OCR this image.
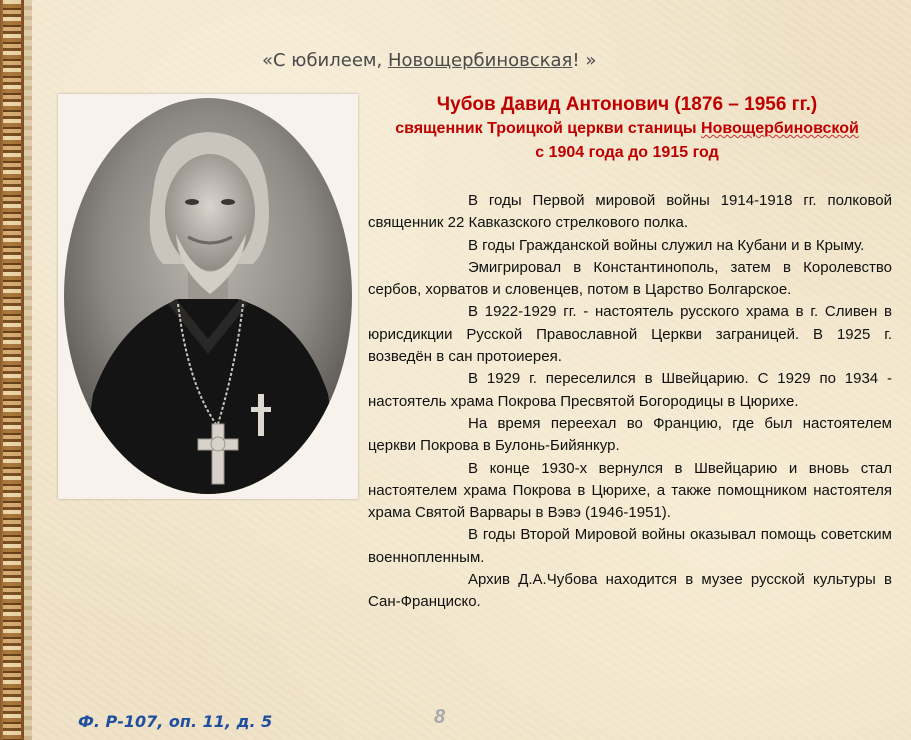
«С юбилеем, Новощербиновская! »
Чубов Давид Антонович (1876 – 1956 гг.)
священник Троицкой церкви станицы Новощербиновской
с 1904 года до 1915 год

В годы Первой мировой войны 1914-1918 гг. полковой священник 22 Кавказского стрелкового полка.

В годы Гражданской войны служил на Кубани и в Крыму.

Эмигрировал в Константинополь, затем в Королевство сербов, хорватов и словенцев, потом в Царство Болгарское.

В 1922-1929 гг. - настоятель русского храма в г. Сливен в юрисдикции Русской Православной Церкви заграницей. В 1925 г. возведён в сан протоиерея.

В 1929 г. переселился в Швейцарию. С 1929 по 1934 - настоятель храма Покрова Пресвятой Богородицы в Цюрихе.

На время переехал во Францию, где был настоятелем церкви Покрова в Булонь-Бийянкур.

В конце 1930-х вернулся в Швейцарию и вновь стал настоятелем храма Покрова в Цюрихе, а также помощником настоятеля храма Святой Варвары в Вэвэ (1946-1951).

В годы Второй Мировой войны оказывал помощь советским военнопленным.

Архив Д.А.Чубова находится в музее русской культуры в Сан-Франциско.

Ф. Р-107, оп. 11, д. 5	8
